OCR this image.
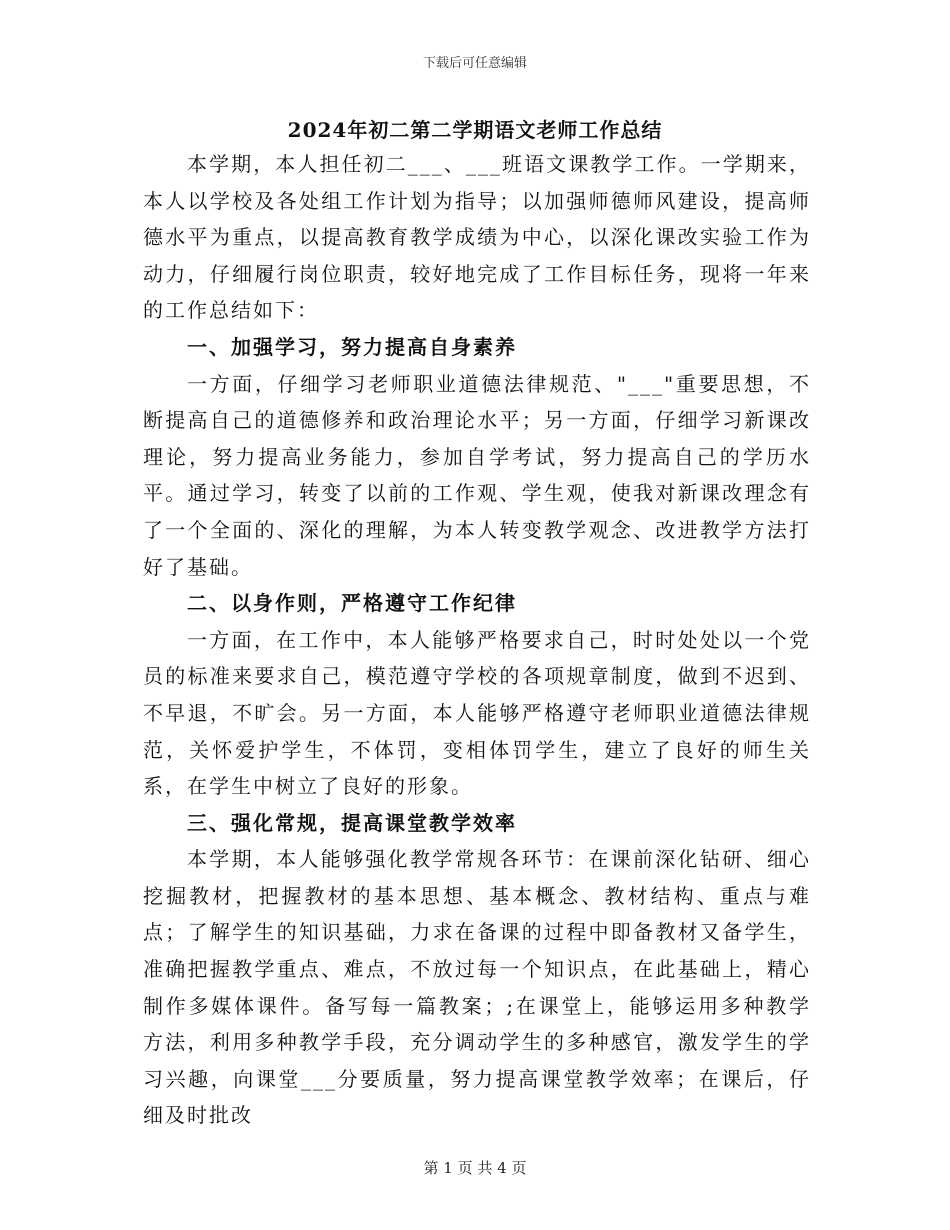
下载后可任意编辑
2024年初二第二学期语文老师工作总结

本学期，本人担任初二___、___班语文课教学工作。一学期来，本人以学校及各处组工作计划为指导；以加强师德师风建设，提高师德水平为重点，以提高教育教学成绩为中心，以深化课改实验工作为动力，仔细履行岗位职责，较好地完成了工作目标任务，现将一年来的工作总结如下：

一、加强学习，努力提高自身素养

一方面，仔细学习老师职业道德法律规范、"___"重要思想，不断提高自己的道德修养和政治理论水平；另一方面，仔细学习新课改理论，努力提高业务能力，参加自学考试，努力提高自己的学历水平。通过学习，转变了以前的工作观、学生观，使我对新课改理念有了一个全面的、深化的理解，为本人转变教学观念、改进教学方法打好了基础。

二、以身作则，严格遵守工作纪律

一方面，在工作中，本人能够严格要求自己，时时处处以一个党员的标准来要求自己，模范遵守学校的各项规章制度，做到不迟到、不早退，不旷会。另一方面，本人能够严格遵守老师职业道德法律规范，关怀爱护学生，不体罚，变相体罚学生，建立了良好的师生关系，在学生中树立了良好的形象。

三、强化常规，提高课堂教学效率

本学期，本人能够强化教学常规各环节：在课前深化钻研、细心挖掘教材，把握教材的基本思想、基本概念、教材结构、重点与难点；了解学生的知识基础，力求在备课的过程中即备教材又备学生，准确把握教学重点、难点，不放过每一个知识点，在此基础上，精心制作多媒体课件。备写每一篇教案；;在课堂上，能够运用多种教学方法，利用多种教学手段，充分调动学生的多种感官，激发学生的学习兴趣，向课堂___分要质量，努力提高课堂教学效率；在课后，仔细及时批改

第 1 页 共 4 页
